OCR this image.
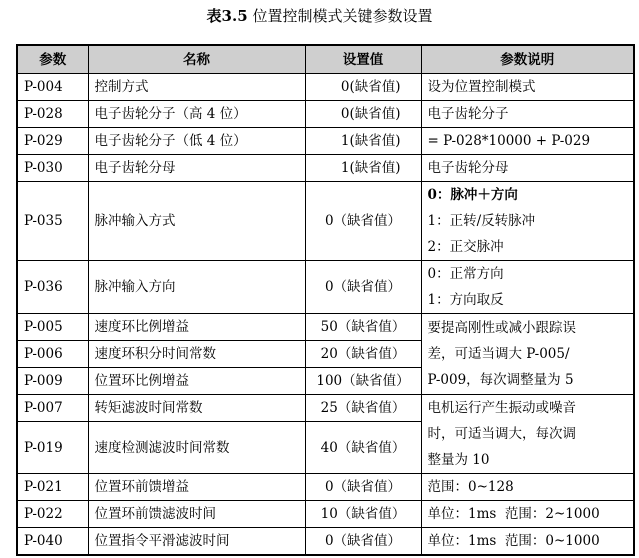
表3.5 位置控制模式关键参数设置
参数	名称	设置值	参数说明
P-004	控制方式	0(缺省值)	设为位置控制模式
P-028	电子齿轮分子（高 4 位）	0(缺省值)	电子齿轮分子
P-029	电子齿轮分子（低 4 位）	1(缺省值)	= P-028*10000 + P-029
P-030	电子齿轮分母	1(缺省值)	电子齿轮分母
P-035	脉冲输入方式	0（缺省值）	0：脉冲＋方向
1：正转/反转脉冲
2：正交脉冲

P-036	脉冲输入方向	0（缺省值）	0：正常方向
1：方向取反

P-005	速度环比例增益	50（缺省值）	要提高刚性或减小跟踪误
差，可适当调大 P-005/
P-009，每次调整量为 5

P-006	速度环积分时间常数	20（缺省值）	
P-009	位置环比例增益	100（缺省值）	
P-007	转矩滤波时间常数	25（缺省值）	电机运行产生振动或噪音
时，可适当调大，每次调
整量为 10

P-019	速度检测滤波时间常数	40（缺省值）	
P-021	位置环前馈增益	0（缺省值）	范围：0~128
P-022	位置环前馈滤波时间	10（缺省值）	单位：1ms  范围：2~1000
P-040	位置指令平滑滤波时间	0（缺省值）	单位：1ms  范围：0~1000
